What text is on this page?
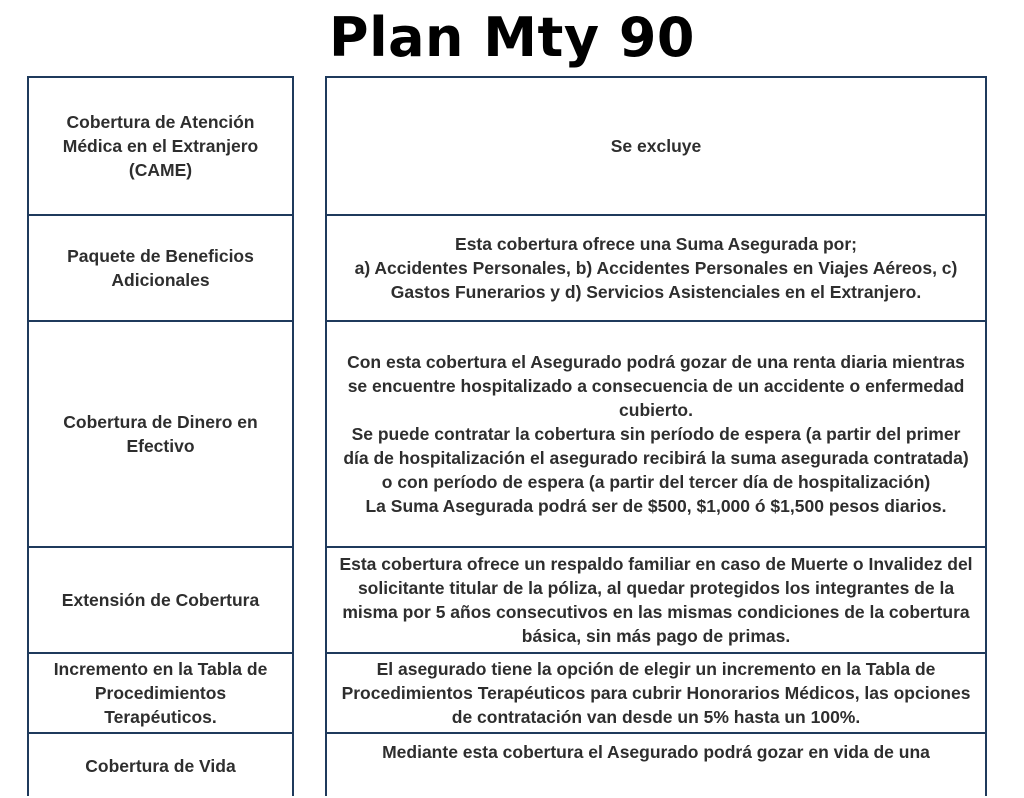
Plan Mty 90
Cobertura de Atención Médica en el Extranjero (CAME)
Paquete de Beneficios Adicionales
Cobertura de Dinero en Efectivo
Extensión de Cobertura
Incremento en la Tabla de Procedimientos Terapéuticos.
Cobertura de Vida
Se excluye
Esta cobertura ofrece una Suma Asegurada por;
a) Accidentes Personales, b) Accidentes Personales en Viajes Aéreos, c) Gastos Funerarios y d) Servicios Asistenciales en el Extranjero.
Con esta cobertura el Asegurado podrá gozar de una renta diaria mientras se encuentre hospitalizado a consecuencia de un accidente o enfermedad cubierto.
Se puede contratar la cobertura sin período de espera (a partir del primer día de hospitalización el asegurado recibirá la suma asegurada contratada) o con período de espera (a partir del tercer día de hospitalización)
La Suma Asegurada podrá ser de $500, $1,000 ó $1,500 pesos diarios.
Esta cobertura ofrece un respaldo familiar en caso de Muerte o Invalidez del solicitante titular de la póliza, al quedar protegidos los integrantes de la misma por 5 años consecutivos en las mismas condiciones de la cobertura básica, sin más pago de primas.
El asegurado tiene la opción de elegir un incremento en la Tabla de Procedimientos Terapéuticos para cubrir Honorarios Médicos, las opciones de contratación van desde un 5% hasta un 100%.
Mediante esta cobertura el Asegurado podrá gozar en vida de una
